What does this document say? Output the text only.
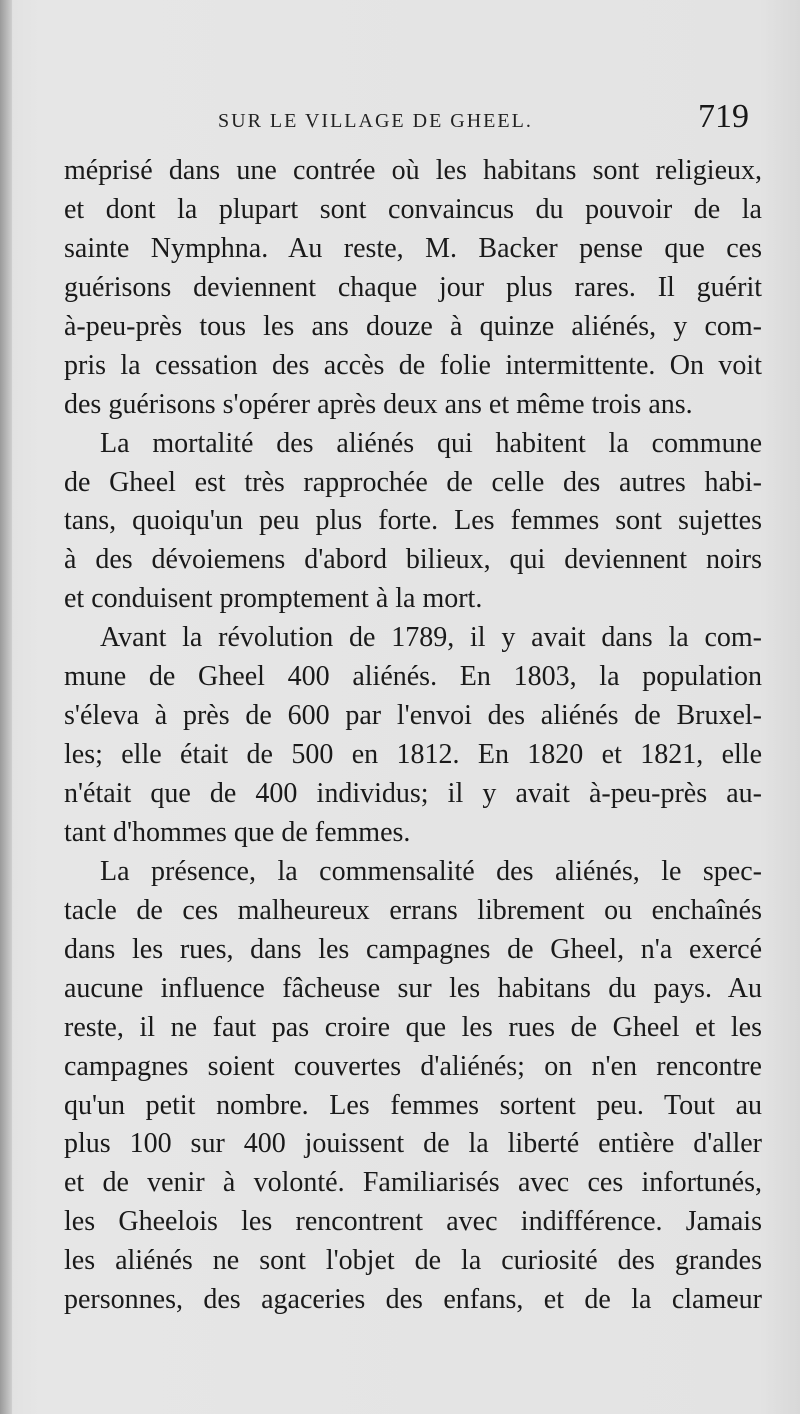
SUR LE VILLAGE DE GHEEL.	719
méprisé dans une contrée où les habitans sont religieux,
et dont la plupart sont convaincus du pouvoir de la
sainte Nymphna. Au reste, M. Backer pense que ces
guérisons deviennent chaque jour plus rares. Il guérit
à-peu-près tous les ans douze à quinze aliénés, y com-
pris la cessation des accès de folie intermittente. On voit
des guérisons s'opérer après deux ans et même trois ans.
La mortalité des aliénés qui habitent la commune
de Gheel est très rapprochée de celle des autres habi-
tans, quoiqu'un peu plus forte. Les femmes sont sujettes
à des dévoiemens d'abord bilieux, qui deviennent noirs
et conduisent promptement à la mort.
Avant la révolution de 1789, il y avait dans la com-
mune de Gheel 400 aliénés. En 1803, la population
s'éleva à près de 600 par l'envoi des aliénés de Bruxel-
les; elle était de 500 en 1812. En 1820 et 1821, elle
n'était que de 400 individus; il y avait à-peu-près au-
tant d'hommes que de femmes.
La présence, la commensalité des aliénés, le spec-
tacle de ces malheureux errans librement ou enchaînés
dans les rues, dans les campagnes de Gheel, n'a exercé
aucune influence fâcheuse sur les habitans du pays. Au
reste, il ne faut pas croire que les rues de Gheel et les
campagnes soient couvertes d'aliénés; on n'en rencontre
qu'un petit nombre. Les femmes sortent peu. Tout au
plus 100 sur 400 jouissent de la liberté entière d'aller
et de venir à volonté. Familiarisés avec ces infortunés,
les Gheelois les rencontrent avec indifférence. Jamais
les aliénés ne sont l'objet de la curiosité des grandes
personnes, des agaceries des enfans, et de la clameur
